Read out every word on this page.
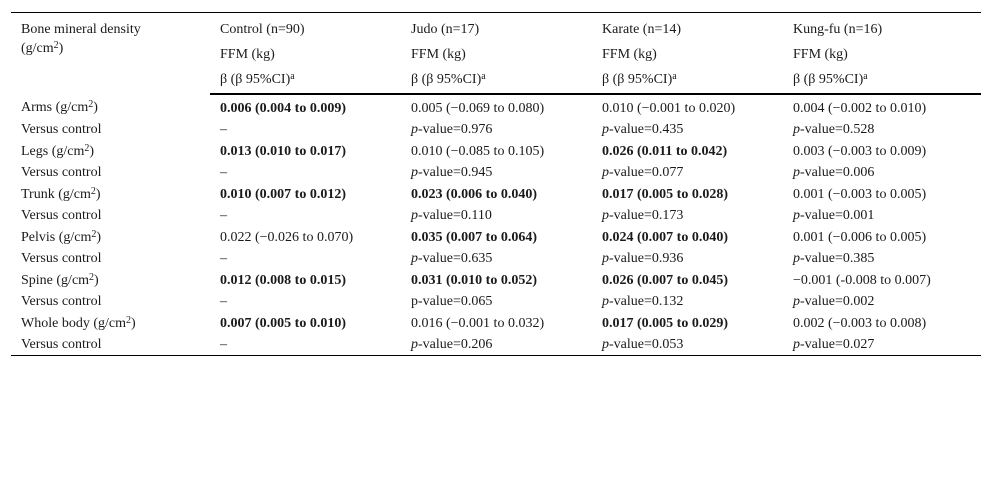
Bone mineral density
$(g/cm^2)$	Control (n=90)	Judo (n=17)	Karate (n=14)	Kung-fu (n=16)
	FFM (kg)	FFM (kg)	FFM (kg)	FFM (kg)
	β (β 95%CI)$^a$	β (β 95%CI)$^a$	β (β 95%CI)$^a$	β (β 95%CI)$^a$
Arms $(g/cm^2)$	0.006 (0.004 to 0.009)	0.005 (−0.069 to 0.080)	0.010 (−0.001 to 0.020)	0.004 (−0.002 to 0.010)
Versus control	–	p-value=0.976	p-value=0.435	p-value=0.528
Legs $(g/cm^2)$	0.013 (0.010 to 0.017)	0.010 (−0.085 to 0.105)	0.026 (0.011 to 0.042)	0.003 (−0.003 to 0.009)
Versus control	–	p-value=0.945	p-value=0.077	p-value=0.006
Trunk $(g/cm^2)$	0.010 (0.007 to 0.012)	0.023 (0.006 to 0.040)	0.017 (0.005 to 0.028)	0.001 (−0.003 to 0.005)
Versus control	–	p-value=0.110	p-value=0.173	p-value=0.001
Pelvis $(g/cm^2)$	0.022 (−0.026 to 0.070)	0.035 (0.007 to 0.064)	0.024 (0.007 to 0.040)	0.001 (−0.006 to 0.005)
Versus control	–	p-value=0.635	p-value=0.936	p-value=0.385
Spine $(g/cm^2)$	0.012 (0.008 to 0.015)	0.031 (0.010 to 0.052)	0.026 (0.007 to 0.045)	−0.001 (-0.008 to 0.007)
Versus control	–	p-value=0.065	p-value=0.132	p-value=0.002
Whole body $(g/cm^2)$	0.007 (0.005 to 0.010)	0.016 (−0.001 to 0.032)	0.017 (0.005 to 0.029)	0.002 (−0.003 to 0.008)
Versus control	–	p-value=0.206	p-value=0.053	p-value=0.027
